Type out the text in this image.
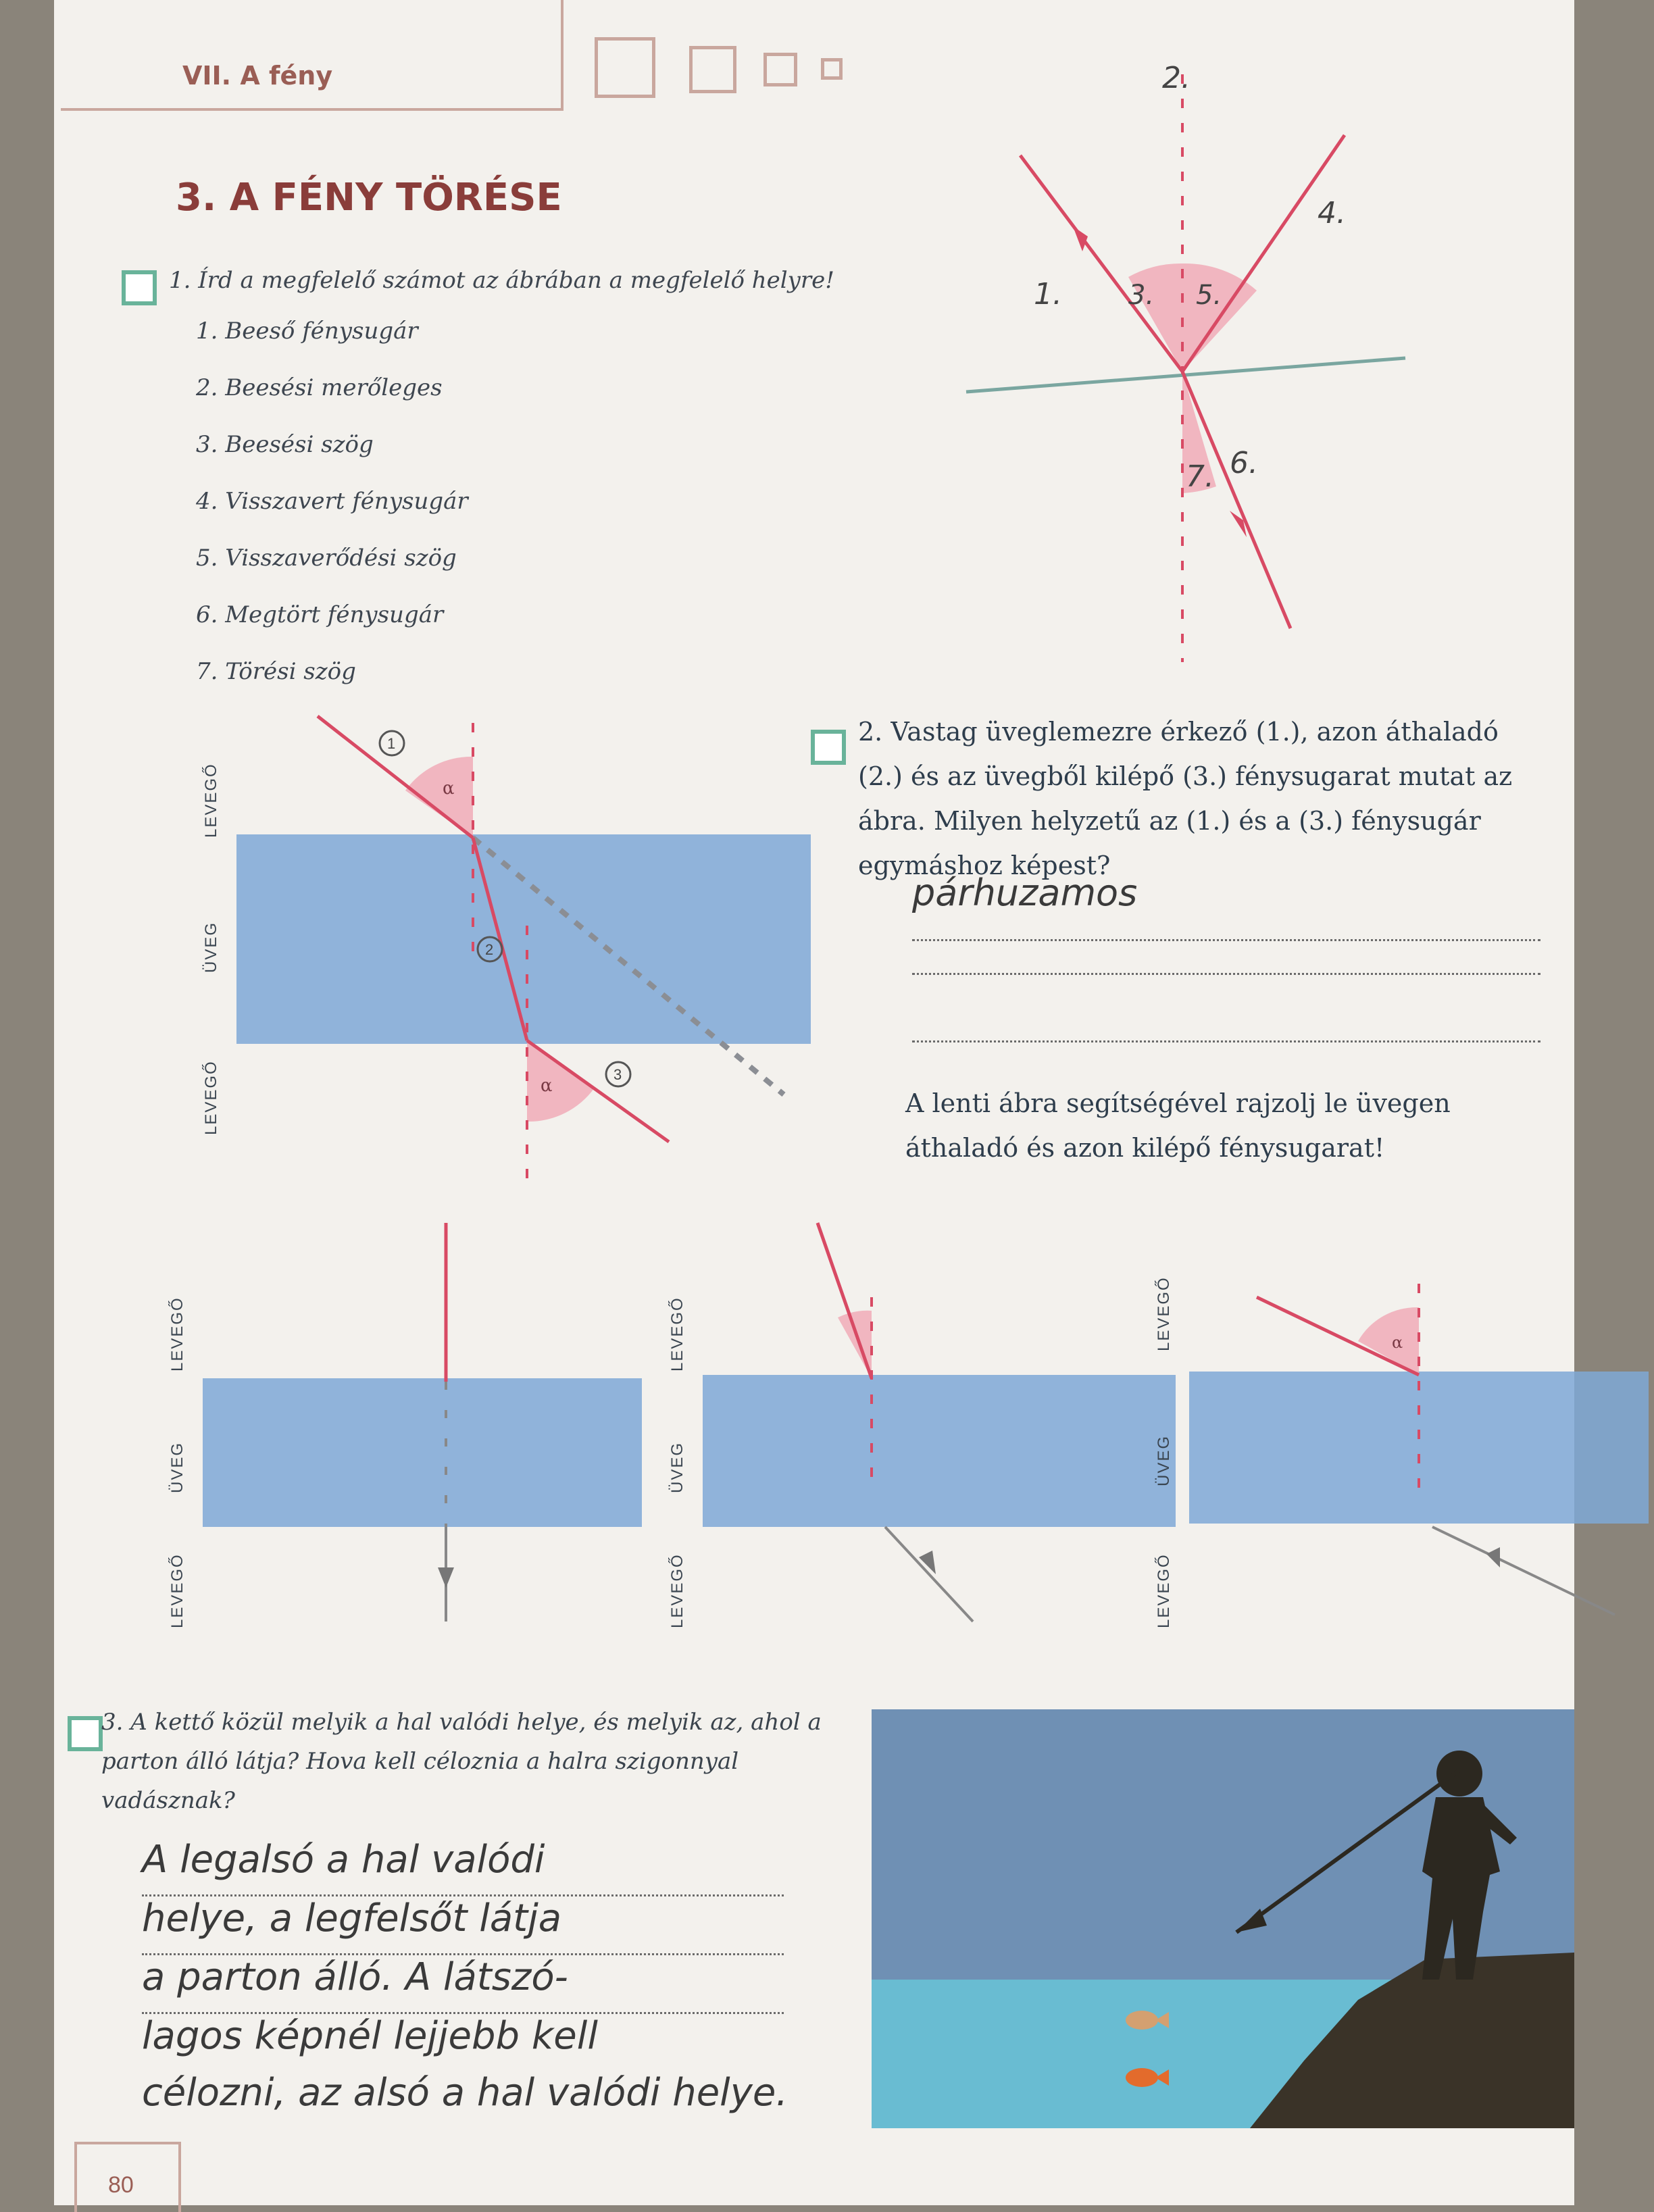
VII. A fény
3. A FÉNY TÖRÉSE
1. Írd a megfelelő számot az ábrában a megfelelő helyre!
1. Beeső fénysugár
2. Beesési merőleges
3. Beesési szög
4. Visszavert fénysugár
5. Visszaverődési szög
6. Megtört fénysugár
7. Törési szög
2.
4.
1. 3. 5.
6.
7.
LEVEGŐ
ÜVEG
LEVEGŐ
1
2
3
α
α
2. Vastag üveglemezre érkező (1.), azon áthaladó (2.) és az üvegből kilépő (3.) fénysugarat mutat az ábra. Milyen helyzetű az (1.) és a (3.) fénysugár egymáshoz képest?
párhuzamos
A lenti ábra segítségével rajzolj le üvegen áthaladó és azon kilépő fénysugarat!
LEVEGŐ
ÜVEG
LEVEGŐ
LEVEGŐ
ÜVEG
LEVEGŐ
LEVEGŐ
ÜVEG
LEVEGŐ
α
3. A kettő közül melyik a hal valódi helye, és melyik az, ahol a parton álló látja? Hova kell céloznia a halra szigonnyal vadásznak?
A legalsó a hal valódi
helye, a legfelsőt látja
a parton álló. A látszó-
lagos képnél lejjebb kell
célozni, az alsó a hal valódi helye.
80
